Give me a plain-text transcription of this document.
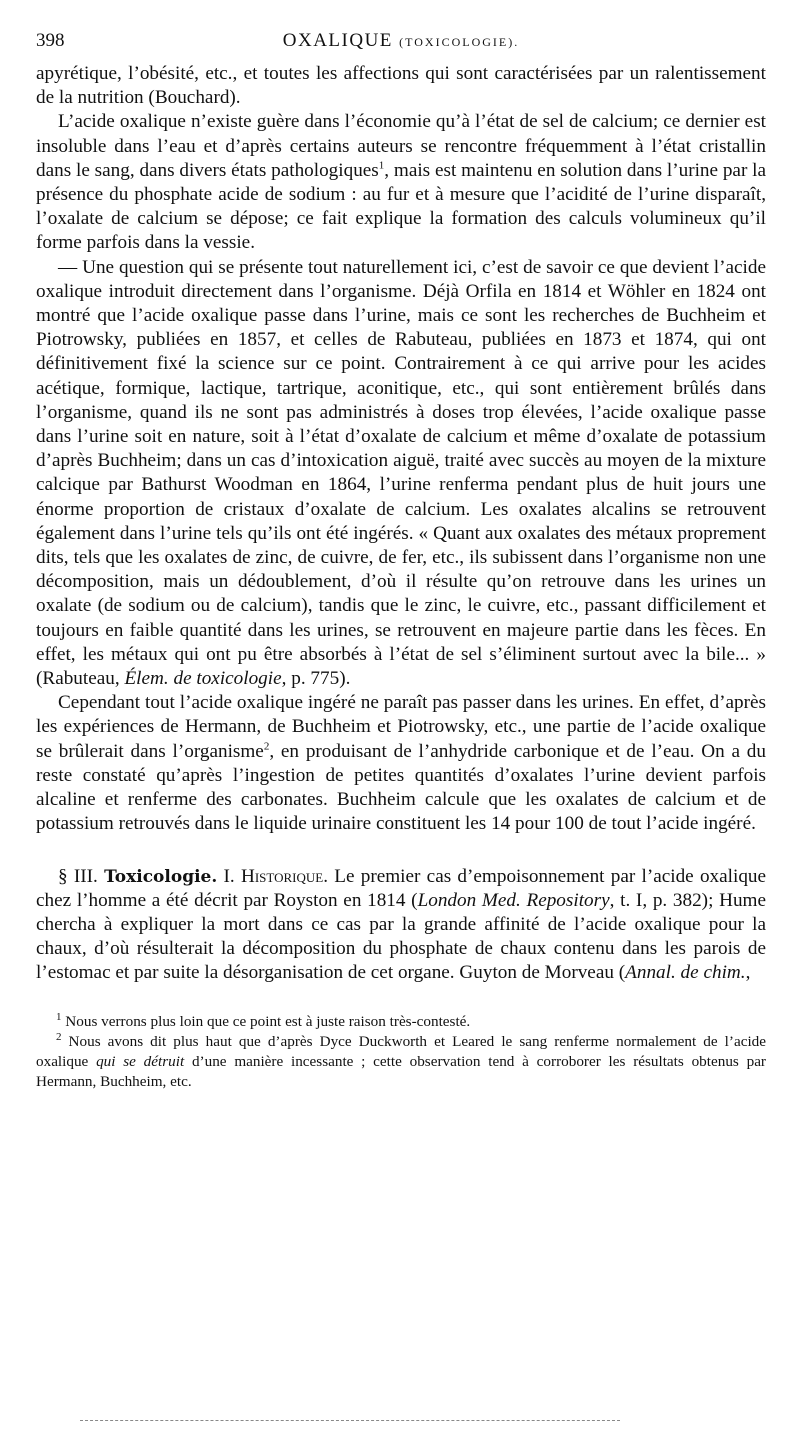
398	OXALIQUE (TOXICOLOGIE).

apyrétique, l’obésité, etc., et toutes les affections qui sont caractérisées par un ralentissement de la nutrition (Bouchard).

L’acide oxalique n’existe guère dans l’économie qu’à l’état de sel de calcium; ce dernier est insoluble dans l’eau et d’après certains auteurs se rencontre fréquemment à l’état cristallin dans le sang, dans divers états pathologiques$^1$, mais est maintenu en solution dans l’urine par la présence du phosphate acide de sodium : au fur et à mesure que l’acidité de l’urine disparaît, l’oxalate de calcium se dépose; ce fait explique la formation des calculs volumineux qu’il forme parfois dans la vessie.

— Une question qui se présente tout naturellement ici, c’est de savoir ce que devient l’acide oxalique introduit directement dans l’organisme. Déjà Orfila en 1814 et Wöhler en 1824 ont montré que l’acide oxalique passe dans l’urine, mais ce sont les recherches de Buchheim et Piotrowsky, publiées en 1857, et celles de Rabuteau, publiées en 1873 et 1874, qui ont définitivement fixé la science sur ce point. Contrairement à ce qui arrive pour les acides acétique, formique, lactique, tartrique, aconitique, etc., qui sont entièrement brûlés dans l’organisme, quand ils ne sont pas administrés à doses trop élevées, l’acide oxalique passe dans l’urine soit en nature, soit à l’état d’oxalate de calcium et même d’oxalate de potassium d’après Buchheim; dans un cas d’intoxication aiguë, traité avec succès au moyen de la mixture calcique par Bathurst Woodman en 1864, l’urine renferma pendant plus de huit jours une énorme proportion de cristaux d’oxalate de calcium. Les oxalates alcalins se retrouvent également dans l’urine tels qu’ils ont été ingérés. « Quant aux oxalates des métaux proprement dits, tels que les oxalates de zinc, de cuivre, de fer, etc., ils subissent dans l’organisme non une décomposition, mais un dédoublement, d’où il résulte qu’on retrouve dans les urines un oxalate (de sodium ou de calcium), tandis que le zinc, le cuivre, etc., passant difficilement et toujours en faible quantité dans les urines, se retrouvent en majeure partie dans les fèces. En effet, les métaux qui ont pu être absorbés à l’état de sel s’éliminent surtout avec la bile... » (Rabuteau, Élem. de toxicologie, p. 775).

Cependant tout l’acide oxalique ingéré ne paraît pas passer dans les urines. En effet, d’après les expériences de Hermann, de Buchheim et Piotrowsky, etc., une partie de l’acide oxalique se brûlerait dans l’organisme$^2$, en produisant de l’anhydride carbonique et de l’eau. On a du reste constaté qu’après l’ingestion de petites quantités d’oxalates l’urine devient parfois alcaline et renferme des carbonates. Buchheim calcule que les oxalates de calcium et de potassium retrouvés dans le liquide urinaire constituent les 14 pour 100 de tout l’acide ingéré.

§ III. Toxicologie. I. Historique. Le premier cas d’empoisonnement par l’acide oxalique chez l’homme a été décrit par Royston en 1814 (London Med. Repository, t. I, p. 382); Hume chercha à expliquer la mort dans ce cas par la grande affinité de l’acide oxalique pour la chaux, d’où résulterait la décomposition du phosphate de chaux contenu dans les parois de l’estomac et par suite la désorganisation de cet organe. Guyton de Morveau (Annal. de chim.,

$^1$ Nous verrons plus loin que ce point est à juste raison très-contesté.

$^2$ Nous avons dit plus haut que d’après Dyce Duckworth et Leared le sang renferme normalement de l’acide oxalique qui se détruit d’une manière incessante ; cette observation tend à corroborer les résultats obtenus par Hermann, Buchheim, etc.
